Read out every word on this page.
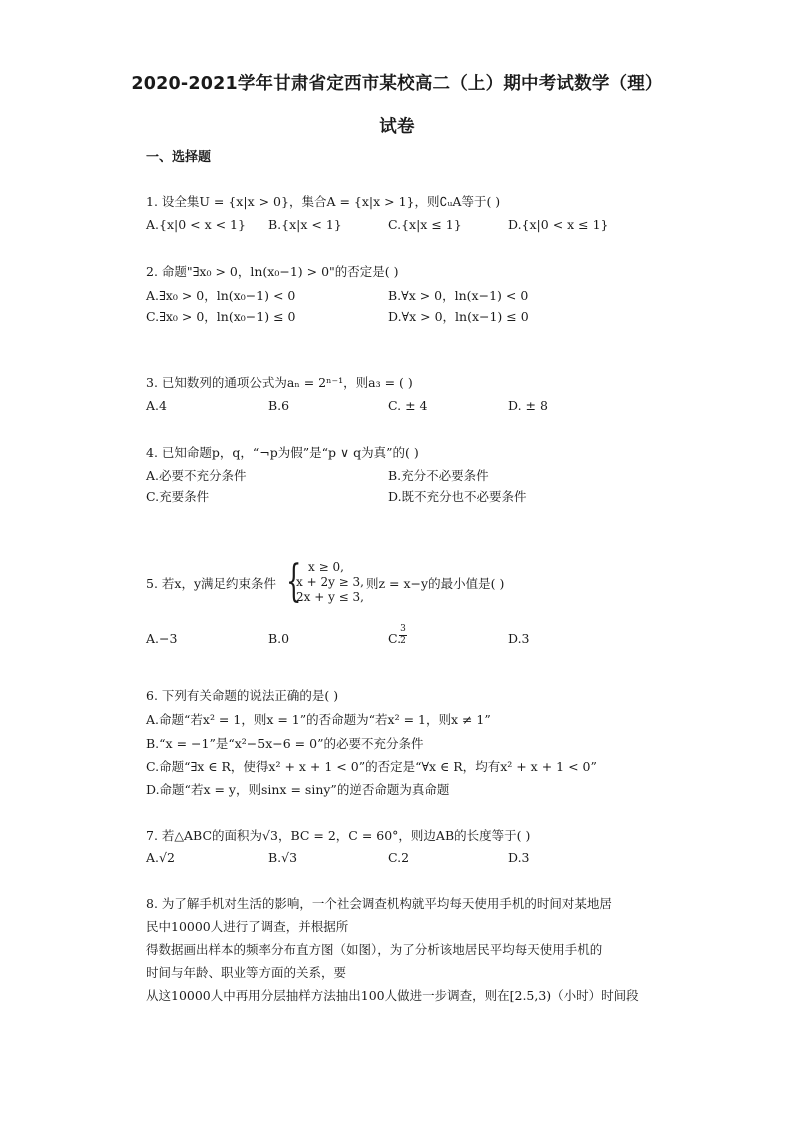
2020-2021学年甘肃省定西市某校高二（上）期中考试数学（理）
试卷
一、选择题
1. 设全集U = {x|x > 0}，集合A = {x|x > 1}，则∁ᵤA等于( )
A.{x|0 < x < 1} B.{x|x < 1}	C.{x|x ≤ 1}	D.{x|0 < x ≤ 1}
2. 命题"∃x₀ > 0，ln(x₀−1) > 0"的否定是( )
A.∃x₀ > 0，ln(x₀−1) < 0	B.∀x > 0，ln(x−1) < 0
C.∃x₀ > 0，ln(x₀−1) ≤ 0	D.∀x > 0，ln(x−1) ≤ 0
3. 已知数列的通项公式为aₙ = 2ⁿ⁻¹，则a₃ = ( )
A.4	B.6	C. ± 4	D. ± 8
4. 已知命题p，q，“¬p为假”是“p ∨ q为真”的( )
A.必要不充分条件	B.充分不必要条件
C.充要条件	D.既不充分也不必要条件
5. 若x，y满足约束条件 { x ≥ 0,
x + 2y ≥ 3,
2x + y ≤ 3,
则z = x−y的最小值是( )
A.−3	B.0	C.
3
2	D.3
6. 下列有关命题的说法正确的是( )
A.命题“若x² = 1，则x = 1”的否命题为“若x² = 1，则x ≠ 1”
B.“x = −1”是“x²−5x−6 = 0”的必要不充分条件
C.命题“∃x ∈ R，使得x² + x + 1 < 0”的否定是“∀x ∈ R，均有x² + x + 1 < 0”
D.命题“若x = y，则sinx = siny”的逆否命题为真命题
7. 若△ABC的面积为√3，BC = 2，C = 60°，则边AB的长度等于( )
A.√2	B.√3	C.2	D.3
8. 为了解手机对生活的影响，一个社会调查机构就平均每天使用手机的时间对某地居
民中10000人进行了调查，并根据所
得数据画出样本的频率分布直方图（如图），为了分析该地居民平均每天使用手机的
时间与年龄、职业等方面的关系，要
从这10000人中再用分层抽样方法抽出100人做进一步调查，则在[2.5,3)（小时）时间段
